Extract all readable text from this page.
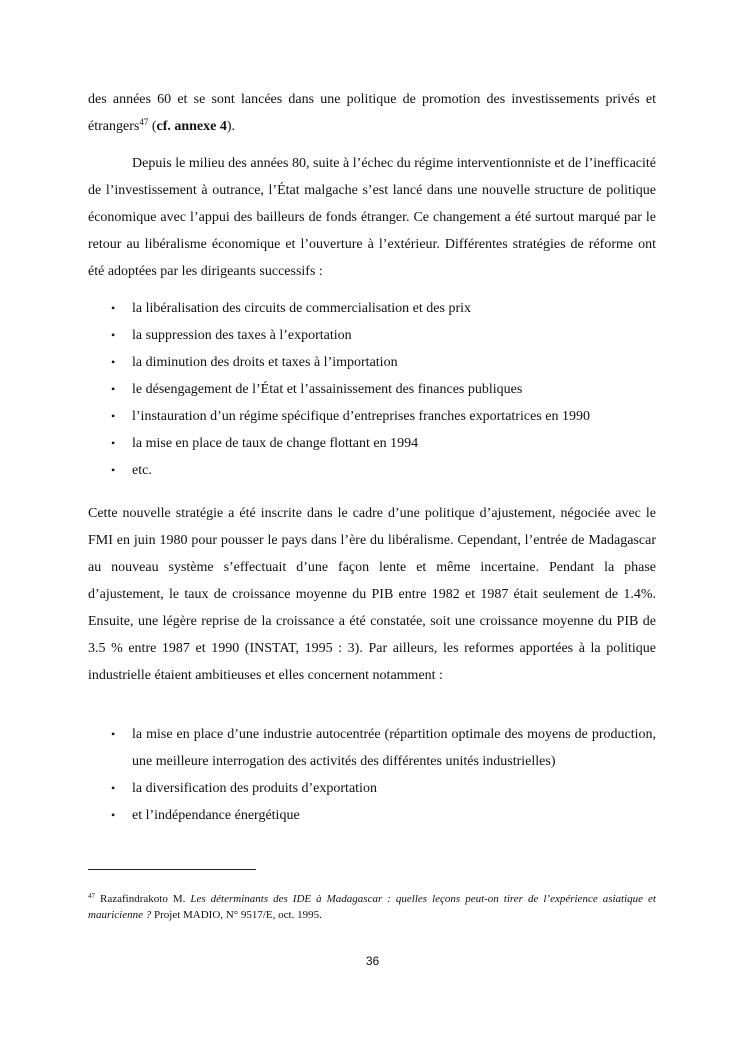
des années 60 et se sont lancées dans une politique de promotion des investissements privés et étrangers$^{47}$ (cf. annexe 4).

Depuis le milieu des années 80, suite à l’échec du régime interventionniste et de l’inefficacité de l’investissement à outrance, l’État malgache s’est lancé dans une nouvelle structure de politique économique avec l’appui des bailleurs de fonds étranger. Ce changement a été surtout marqué par le retour au libéralisme économique et l’ouverture à l’extérieur. Différentes stratégies de réforme ont été adoptées par les dirigeants successifs :

• la libéralisation des circuits de commercialisation et des prix
• la suppression des taxes à l’exportation
• la diminution des droits et taxes à l’importation
• le désengagement de l’État et l’assainissement des finances publiques
• l’instauration d’un régime spécifique d’entreprises franches exportatrices en 1990
• la mise en place de taux de change flottant en 1994
• etc.

Cette nouvelle stratégie a été inscrite dans le cadre d’une politique d’ajustement, négociée avec le FMI en juin 1980 pour pousser le pays dans l’ère du libéralisme. Cependant, l’entrée de Madagascar au nouveau système s’effectuait d’une façon lente et même incertaine. Pendant la phase d’ajustement, le taux de croissance moyenne du PIB entre 1982 et 1987 était seulement de 1.4%. Ensuite, une légère reprise de la croissance a été constatée, soit une croissance moyenne du PIB de 3.5 % entre 1987 et 1990 (INSTAT, 1995 : 3). Par ailleurs, les reformes apportées à la politique industrielle étaient ambitieuses et elles concernent notamment :

• la mise en place d’une industrie autocentrée (répartition optimale des moyens de production, une meilleure interrogation des activités des différentes unités industrielles)
• la diversification des produits d’exportation
• et l’indépendance énergétique

$^{47}$ Razafindrakoto M. Les déterminants des IDE à Madagascar : quelles leçons peut-on tirer de l’expérience asiatique et mauricienne ? Projet MADIO, N° 9517/E, oct. 1995.

36
